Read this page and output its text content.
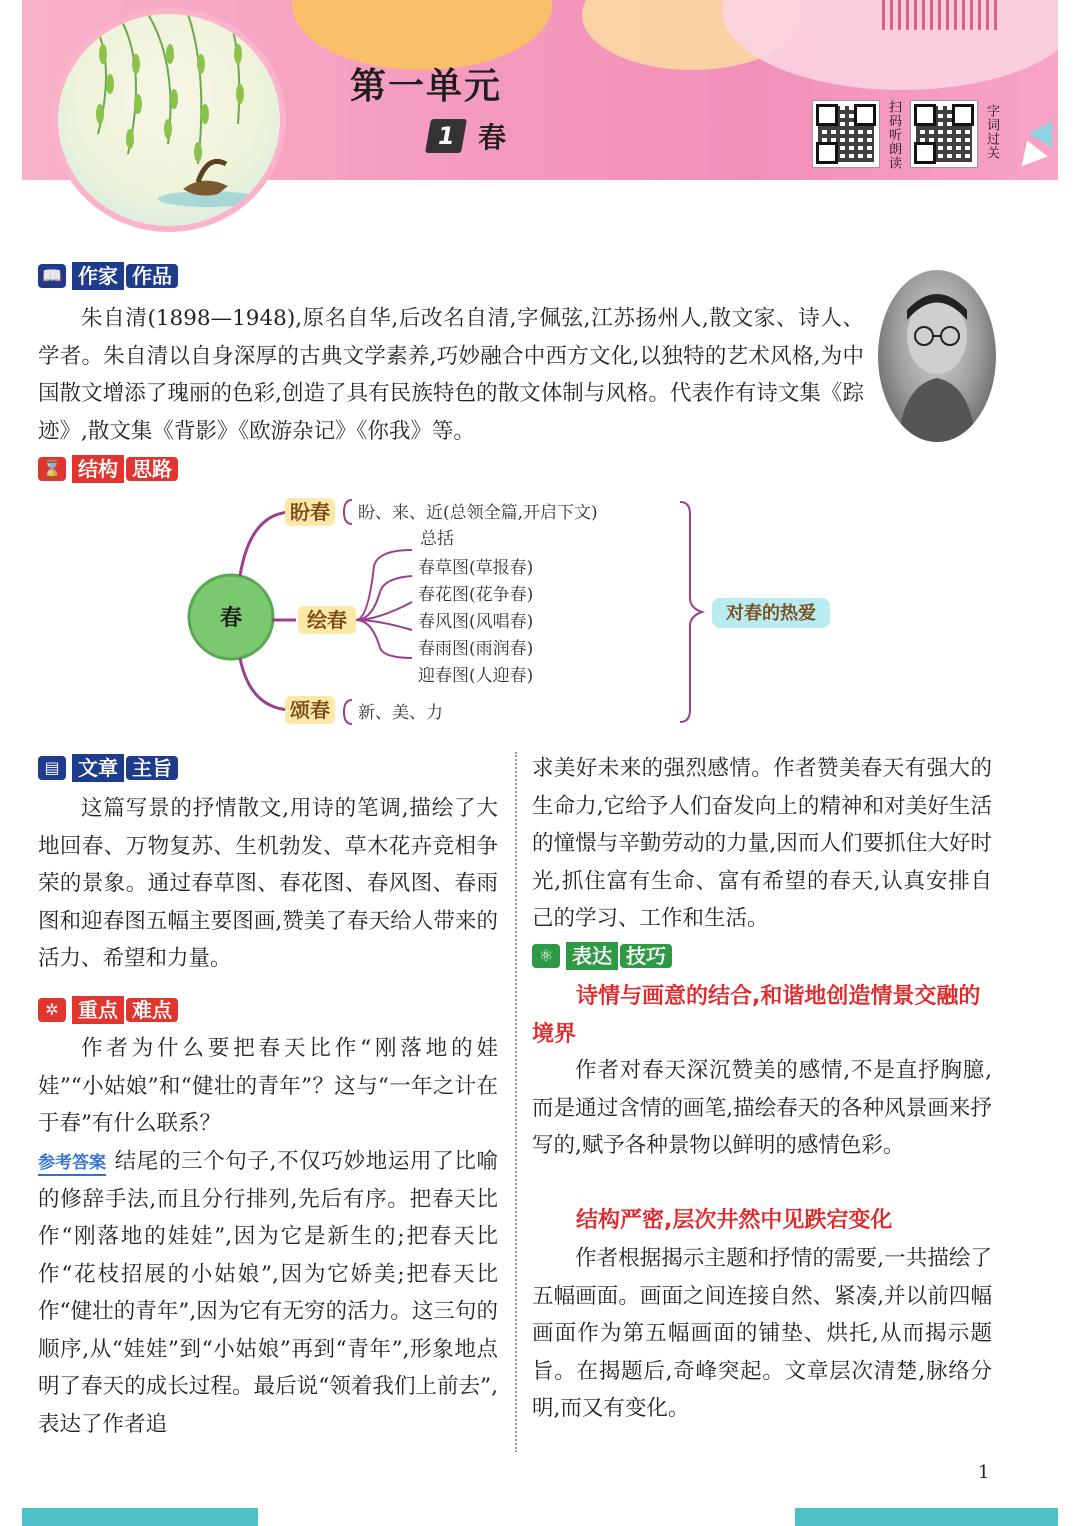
第一单元
1 春	扫码听朗读	字词过关
📖 作家 作品
朱自清(1898—1948),原名自华,后改名自清,字佩弦,江苏扬州人,散文家、诗人、学者。朱自清以自身深厚的古典文学素养,巧妙融合中西方文化,以独特的艺术风格,为中国散文增添了瑰丽的色彩,创造了具有民族特色的散文体制与风格。代表作有诗文集《踪迹》,散文集《背影》《欧游杂记》《你我》等。
⌛ 结构 思路
春
盼春
绘春
颂春
盼、来、近(总领全篇,开启下文)
新、美、力
总括
春草图(草报春)
春花图(花争春)
春风图(风唱春)
春雨图(雨润春)
迎春图(人迎春)
对春的热爱
▤ 文章 主旨
这篇写景的抒情散文,用诗的笔调,描绘了大地回春、万物复苏、生机勃发、草木花卉竞相争荣的景象。通过春草图、春花图、春风图、春雨图和迎春图五幅主要图画,赞美了春天给人带来的活力、希望和力量。
✲ 重点 难点
作者为什么要把春天比作“刚落地的娃娃”“小姑娘”和“健壮的青年”？这与“一年之计在于春”有什么联系？
参考答案 结尾的三个句子,不仅巧妙地运用了比喻的修辞手法,而且分行排列,先后有序。把春天比作“刚落地的娃娃”,因为它是新生的;把春天比作“花枝招展的小姑娘”,因为它娇美;把春天比作“健壮的青年”,因为它有无穷的活力。这三句的顺序,从“娃娃”到“小姑娘”再到“青年”,形象地点明了春天的成长过程。最后说“领着我们上前去”,表达了作者追
求美好未来的强烈感情。作者赞美春天有强大的生命力,它给予人们奋发向上的精神和对美好生活的憧憬与辛勤劳动的力量,因而人们要抓住大好时光,抓住富有生命、富有希望的春天,认真安排自己的学习、工作和生活。
⚛ 表达 技巧
诗情与画意的结合,和谐地创造情景交融的境界
作者对春天深沉赞美的感情,不是直抒胸臆,而是通过含情的画笔,描绘春天的各种风景画来抒写的,赋予各种景物以鲜明的感情色彩。
结构严密,层次井然中见跌宕变化
作者根据揭示主题和抒情的需要,一共描绘了五幅画面。画面之间连接自然、紧凑,并以前四幅画面作为第五幅画面的铺垫、烘托,从而揭示题旨。在揭题后,奇峰突起。文章层次清楚,脉络分明,而又有变化。
1
